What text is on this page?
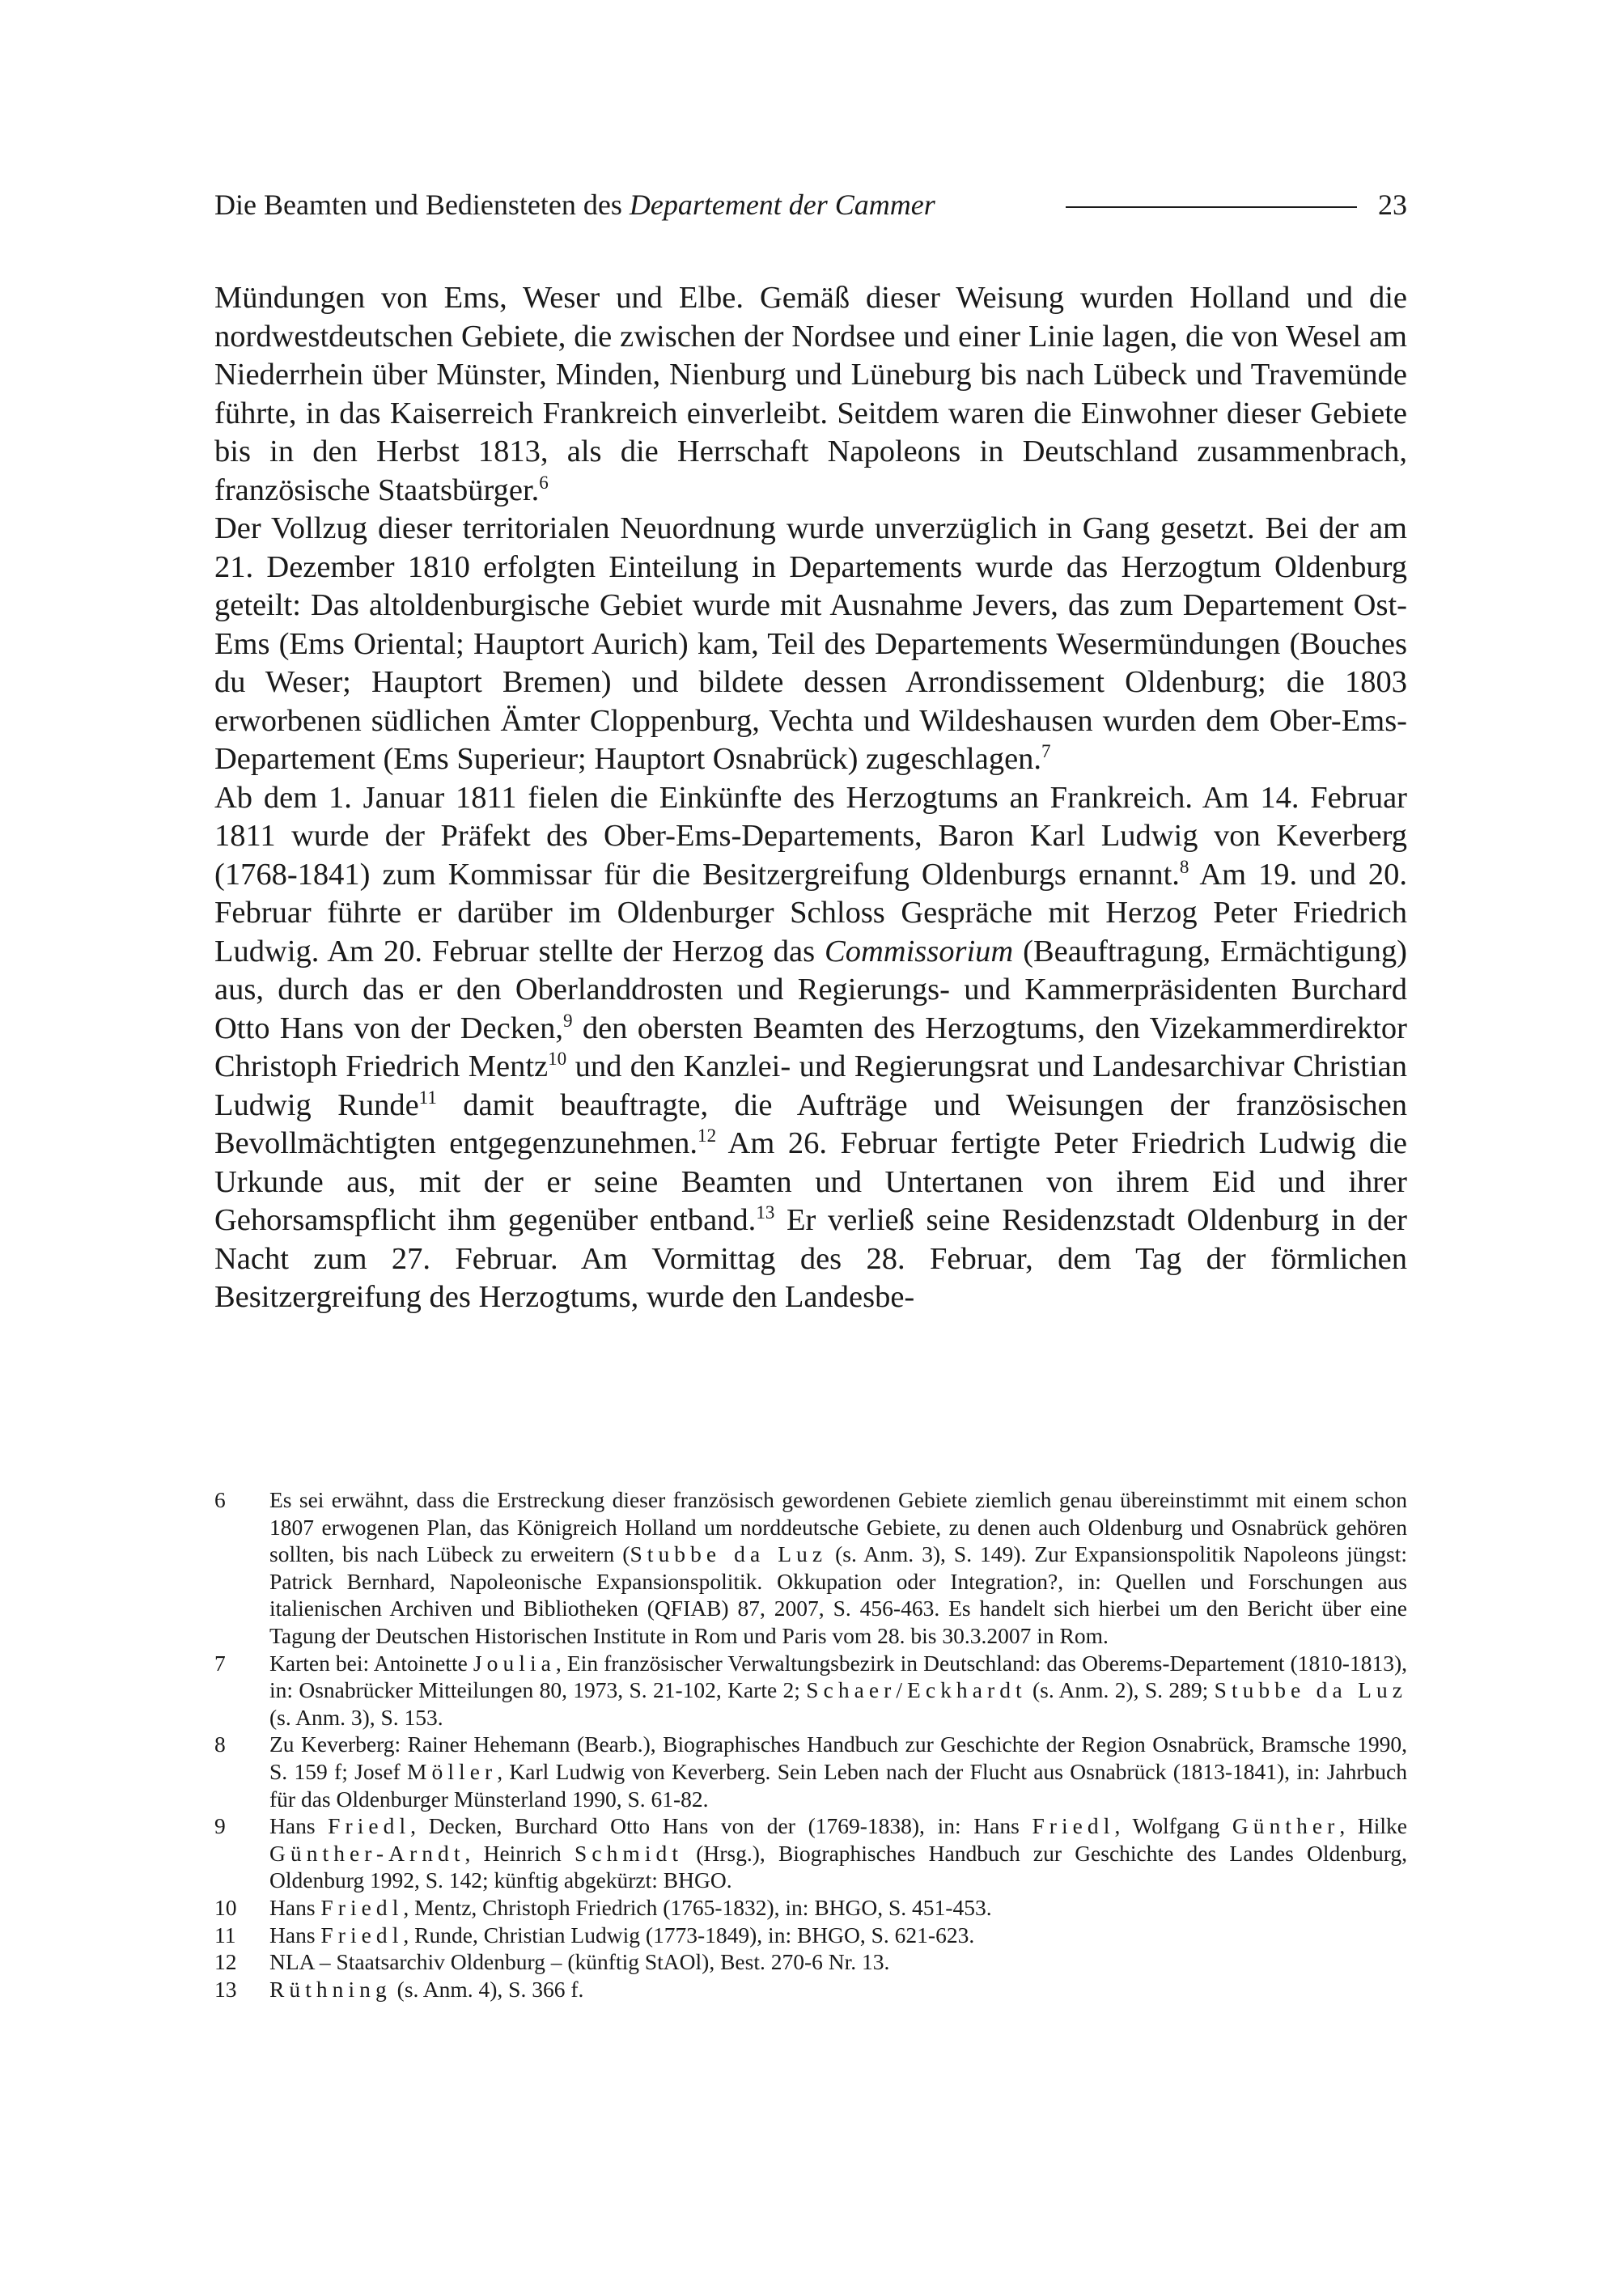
Die Beamten und Bediensteten des Departement der Cammer	23

Mündungen von Ems, Weser und Elbe. Gemäß dieser Weisung wurden Holland und die nordwestdeutschen Gebiete, die zwischen der Nordsee und einer Linie lagen, die von Wesel am Niederrhein über Münster, Minden, Nienburg und Lüneburg bis nach Lübeck und Travemünde führte, in das Kaiserreich Frankreich einverleibt. Seitdem waren die Einwohner dieser Gebiete bis in den Herbst 1813, als die Herrschaft Napoleons in Deutschland zusammenbrach, französische Staatsbürger.$^6$

Der Vollzug dieser territorialen Neuordnung wurde unverzüglich in Gang gesetzt. Bei der am 21. Dezember 1810 erfolgten Einteilung in Departements wurde das Herzogtum Oldenburg geteilt: Das altoldenburgische Gebiet wurde mit Ausnahme Jevers, das zum Departement Ost-Ems (Ems Oriental; Hauptort Aurich) kam, Teil des Departements Wesermündungen (Bouches du Weser; Hauptort Bremen) und bildete dessen Arrondissement Oldenburg; die 1803 erworbenen südlichen Ämter Cloppenburg, Vechta und Wildeshausen wurden dem Ober-Ems-Departement (Ems Superieur; Hauptort Osnabrück) zugeschlagen.$^7$

Ab dem 1. Januar 1811 fielen die Einkünfte des Herzogtums an Frankreich. Am 14. Februar 1811 wurde der Präfekt des Ober-Ems-Departements, Baron Karl Ludwig von Keverberg (1768-1841) zum Kommissar für die Besitzergreifung Oldenburgs ernannt.$^8$ Am 19. und 20. Februar führte er darüber im Oldenburger Schloss Gespräche mit Herzog Peter Friedrich Ludwig. Am 20. Februar stellte der Herzog das Commissorium (Beauftragung, Ermächtigung) aus, durch das er den Oberlanddrosten und Regierungs- und Kammerpräsidenten Burchard Otto Hans von der Decken,$^9$ den obersten Beamten des Herzogtums, den Vizekammerdirektor Christoph Friedrich Mentz$^{10}$ und den Kanzlei- und Regierungsrat und Landesarchivar Christian Ludwig Runde$^{11}$ damit beauftragte, die Aufträge und Weisungen der französischen Bevollmächtigten entgegenzunehmen.$^{12}$ Am 26. Februar fertigte Peter Friedrich Ludwig die Urkunde aus, mit der er seine Beamten und Untertanen von ihrem Eid und ihrer Gehorsamspflicht ihm gegenüber entband.$^{13}$ Er verließ seine Residenzstadt Oldenburg in der Nacht zum 27. Februar. Am Vormittag des 28. Februar, dem Tag der förmlichen Besitzergreifung des Herzogtums, wurde den Landesbe-

6 Es sei erwähnt, dass die Erstreckung dieser französisch gewordenen Gebiete ziemlich genau übereinstimmt mit einem schon 1807 erwogenen Plan, das Königreich Holland um norddeutsche Gebiete, zu denen auch Oldenburg und Osnabrück gehören sollten, bis nach Lübeck zu erweitern (Stubbe da Luz (s. Anm. 3), S. 149). Zur Expansionspolitik Napoleons jüngst: Patrick Bernhard, Napoleonische Expansionspolitik. Okkupation oder Integration?, in: Quellen und Forschungen aus italienischen Archiven und Bibliotheken (QFIAB) 87, 2007, S. 456-463. Es handelt sich hierbei um den Bericht über eine Tagung der Deutschen Historischen Institute in Rom und Paris vom 28. bis 30.3.2007 in Rom.
7 Karten bei: Antoinette Joulia, Ein französischer Verwaltungsbezirk in Deutschland: das Oberems-Departement (1810-1813), in: Osnabrücker Mitteilungen 80, 1973, S. 21-102, Karte 2; Schaer/Eckhardt (s. Anm. 2), S. 289; Stubbe da Luz (s. Anm. 3), S. 153.
8 Zu Keverberg: Rainer Hehemann (Bearb.), Biographisches Handbuch zur Geschichte der Region Osnabrück, Bramsche 1990, S. 159 f; Josef Möller, Karl Ludwig von Keverberg. Sein Leben nach der Flucht aus Osnabrück (1813-1841), in: Jahrbuch für das Oldenburger Münsterland 1990, S. 61-82.
9 Hans Friedl, Decken, Burchard Otto Hans von der (1769-1838), in: Hans Friedl, Wolfgang Günther, Hilke Günther-Arndt, Heinrich Schmidt (Hrsg.), Biographisches Handbuch zur Geschichte des Landes Oldenburg, Oldenburg 1992, S. 142; künftig abgekürzt: BHGO.
10 Hans Friedl, Mentz, Christoph Friedrich (1765-1832), in: BHGO, S. 451-453.
11 Hans Friedl, Runde, Christian Ludwig (1773-1849), in: BHGO, S. 621-623.
12 NLA – Staatsarchiv Oldenburg – (künftig StAOl), Best. 270-6 Nr. 13.
13 Rüthning (s. Anm. 4), S. 366 f.
